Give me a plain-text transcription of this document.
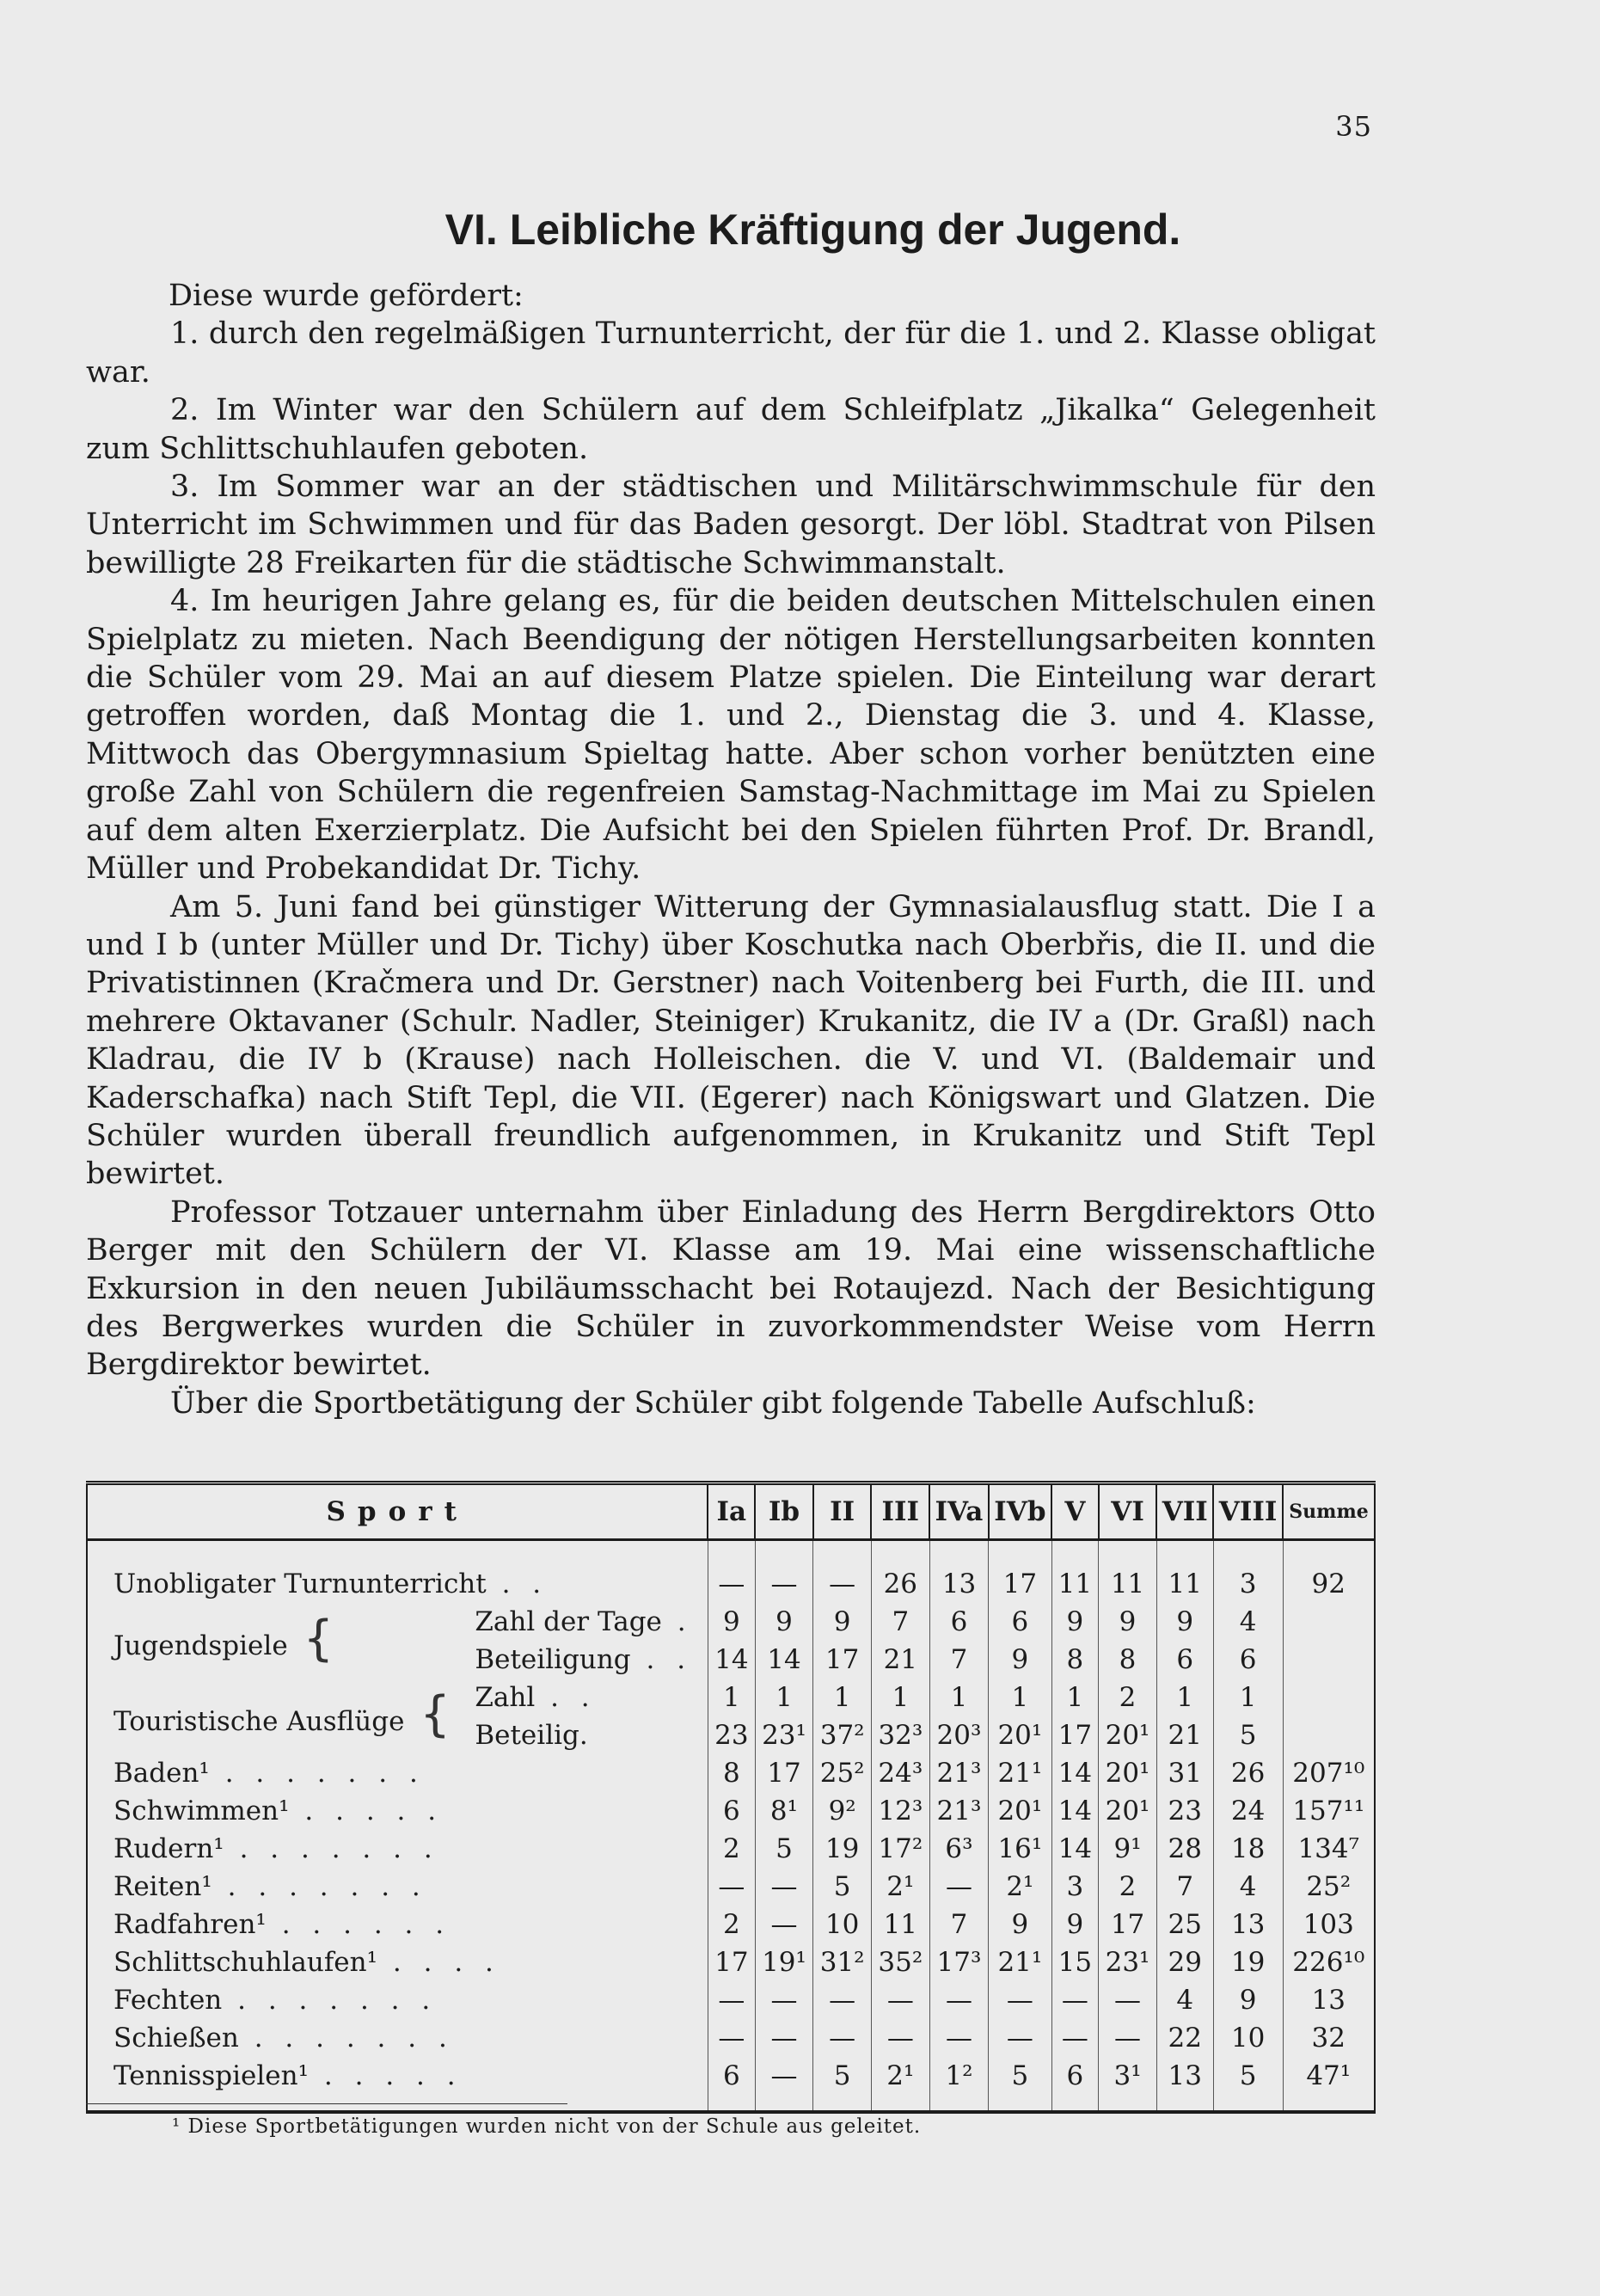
35
VI. Leibliche Kräftigung der Jugend.

Diese wurde gefördert:

1. durch den regelmäßigen Turnunterricht, der für die 1. und 2. Klasse obligat war.

2. Im Winter war den Schülern auf dem Schleifplatz „Jikalka“ Gelegenheit zum Schlittschuhlaufen geboten.

3. Im Sommer war an der städtischen und Militärschwimmschule für den Unterricht im Schwimmen und für das Baden gesorgt. Der löbl. Stadtrat von Pilsen bewilligte 28 Freikarten für die städtische Schwimmanstalt.

4. Im heurigen Jahre gelang es, für die beiden deutschen Mittelschulen einen Spielplatz zu mieten. Nach Beendigung der nötigen Herstellungsarbeiten konnten die Schüler vom 29. Mai an auf diesem Platze spielen. Die Einteilung war derart getroffen worden, daß Montag die 1. und 2., Dienstag die 3. und 4. Klasse, Mittwoch das Obergymnasium Spieltag hatte. Aber schon vorher benützten eine große Zahl von Schülern die regenfreien Samstag-Nachmittage im Mai zu Spielen auf dem alten Exerzierplatz. Die Aufsicht bei den Spielen führten Prof. Dr. Brandl, Müller und Probekandidat Dr. Tichy.

Am 5. Juni fand bei günstiger Witterung der Gymnasialausflug statt. Die I a und I b (unter Müller und Dr. Tichy) über Koschutka nach Oberbřis, die II. und die Privatistinnen (Kračmera und Dr. Gerstner) nach Voitenberg bei Furth, die III. und mehrere Oktavaner (Schulr. Nadler, Steiniger) Krukanitz, die IV a (Dr. Graßl) nach Kladrau, die IV b (Krause) nach Holleischen. die V. und VI. (Baldemair und Kaderschafka) nach Stift Tepl, die VII. (Egerer) nach Königswart und Glatzen. Die Schüler wurden überall freundlich aufgenommen, in Krukanitz und Stift Tepl bewirtet.

Professor Totzauer unternahm über Einladung des Herrn Bergdirektors Otto Berger mit den Schülern der VI. Klasse am 19. Mai eine wissenschaftliche Exkursion in den neuen Jubiläumsschacht bei Rotaujezd. Nach der Besichtigung des Bergwerkes wurden die Schüler in zuvorkommendster Weise vom Herrn Bergdirektor bewirtet.

Über die Sportbetätigung der Schüler gibt folgende Tabelle Aufschluß:

Sport		Ia	Ib	II	III	IVa	IVb	V	VI	VII	VIII	Summe
Unobligater Turnunterricht . .		—	—	—	26	13	17	11	11	11	3	92
Jugendspiele {	Zahl der Tage .	9	9	9	7	6	6	9	9	9	4	
	Beteiligung . .	14	14	17	21	7	9	8	8	6	6	
Touristische Ausflüge {	Zahl . .	1	1	1	1	1	1	1	2	1	1	
	Beteilig.	23	23¹	37²	32³	20³	20¹	17	20¹	21	5	
Baden¹ . . . . . . .		8	17	25²	24³	21³	21¹	14	20¹	31	26	207¹⁰
Schwimmen¹ . . . . .		6	8¹	9²	12³	21³	20¹	14	20¹	23	24	157¹¹
Rudern¹ . . . . . . .		2	5	19	17²	6³	16¹	14	9¹	28	18	134⁷
Reiten¹ . . . . . . .		—	—	5	2¹	—	2¹	3	2	7	4	25²
Radfahren¹ . . . . . .		2	—	10	11	7	9	9	17	25	13	103
Schlittschuhlaufen¹ . . . .		17	19¹	31²	35²	17³	21¹	15	23¹	29	19	226¹⁰
Fechten . . . . . . .		—	—	—	—	—	—	—	—	4	9	13
Schießen . . . . . . .		—	—	—	—	—	—	—	—	22	10	32
Tennisspielen¹ . . . . .		6	—	5	2¹	1²	5	6	3¹	13	5	47¹
¹ Diese Sportbetätigungen wurden nicht von der Schule aus geleitet.
